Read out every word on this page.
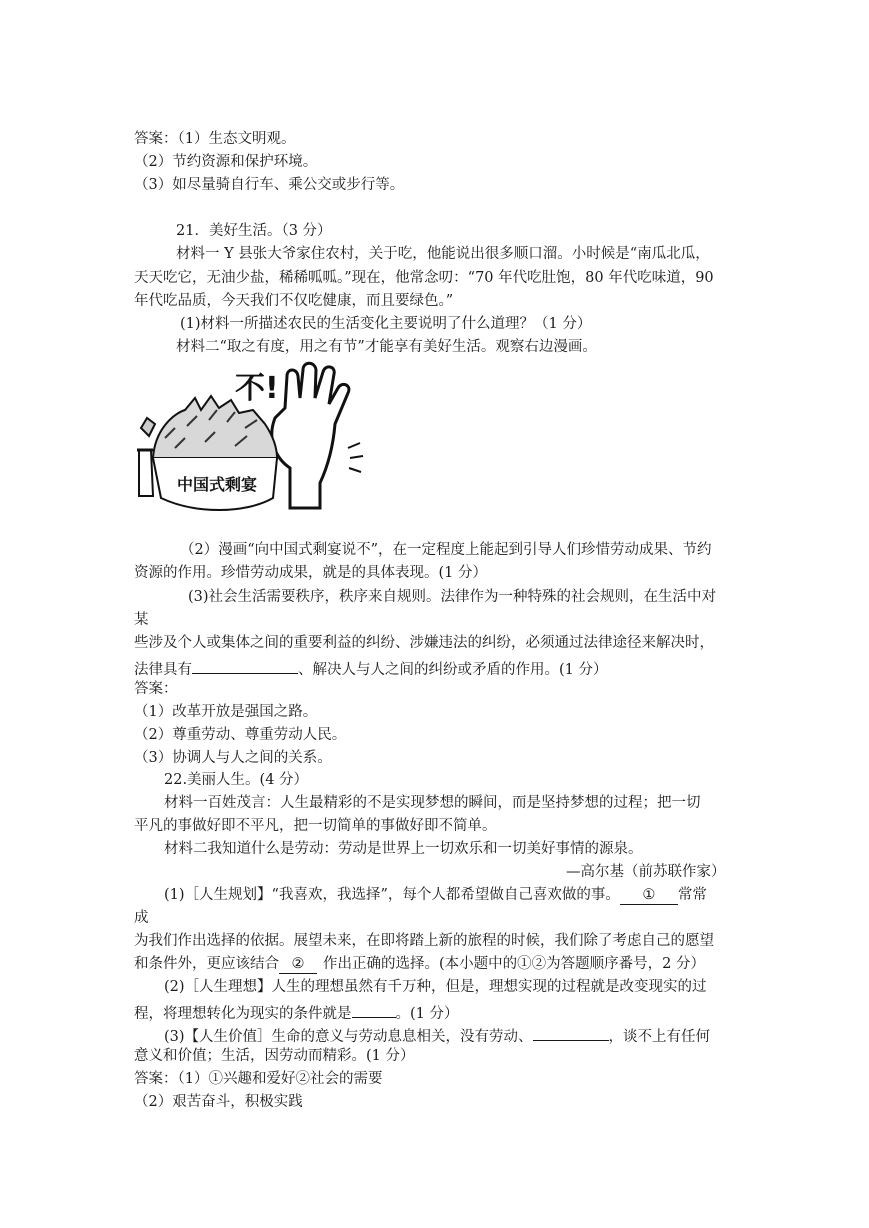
答案：（1）生态文明观。
（2）节约资源和保护环境。
（3）如尽量骑自行车、乘公交或步行等。
21．美好生活。（3 分）
材料一 Y 县张大爷家住农村，关于吃，他能说出很多顺口溜。小时候是“南瓜北瓜，
天天吃它，无油少盐，稀稀呱呱。”现在，他常念叨：“70 年代吃肚饱，80 年代吃味道，90
年代吃品质，今天我们不仅吃健康，而且要绿色。”
(1)材料一所描述农民的生活变化主要说明了什么道理？（1 分）
材料二“取之有度，用之有节”才能享有美好生活。观察右边漫画。
不!
中国式剩宴
（2）漫画“向中国式剩宴说不”，在一定程度上能起到引导人们珍惜劳动成果、节约
资源的作用。珍惜劳动成果，就是的具体表现。(1 分）
(3)社会生活需要秩序，秩序来自规则。法律作为一种特殊的社会规则，在生活中对
某
些涉及个人或集体之间的重要利益的纠纷、涉嫌违法的纠纷，必须通过法律途径来解决时，
法律具有	、解决人与人之间的纠纷或矛盾的作用。(1 分）
答案：
（1）改革开放是强国之路。
（2）尊重劳动、尊重劳动人民。
（3）协调人与人之间的关系。
22.美丽人生。(4 分）
材料一百姓茂言：人生最精彩的不是实现梦想的瞬间，而是坚持梦想的过程；把一切
平凡的事做好即不平凡，把一切简单的事做好即不简单。
材料二我知道什么是劳动：劳动是世界上一切欢乐和一切美好事情的源泉。
—高尔基（前苏联作家）
(1)［人生规划】“我喜欢，我选择”，每个人都希望做自己喜欢做的事。 ① 常常
成
为我们作出选择的依据。展望未来，在即将踏上新的旅程的时候，我们除了考虑自己的愿望
和条件外，更应该结合 ② 作出正确的选择。(本小题中的①②为答题顺序番号，2 分）
(2)［人生理想】人生的理想虽然有千万种，但是，理想实现的过程就是改变现实的过
程，将理想转化为现实的条件就是	。(1 分）
(3)【人生价值］生命的意义与劳动息息相关，没有劳动、	，谈不上有任何
意义和价值；生活，因劳动而精彩。(1 分）
答案：（1）①兴趣和爱好②社会的需要
（2）艰苦奋斗，积极实践
